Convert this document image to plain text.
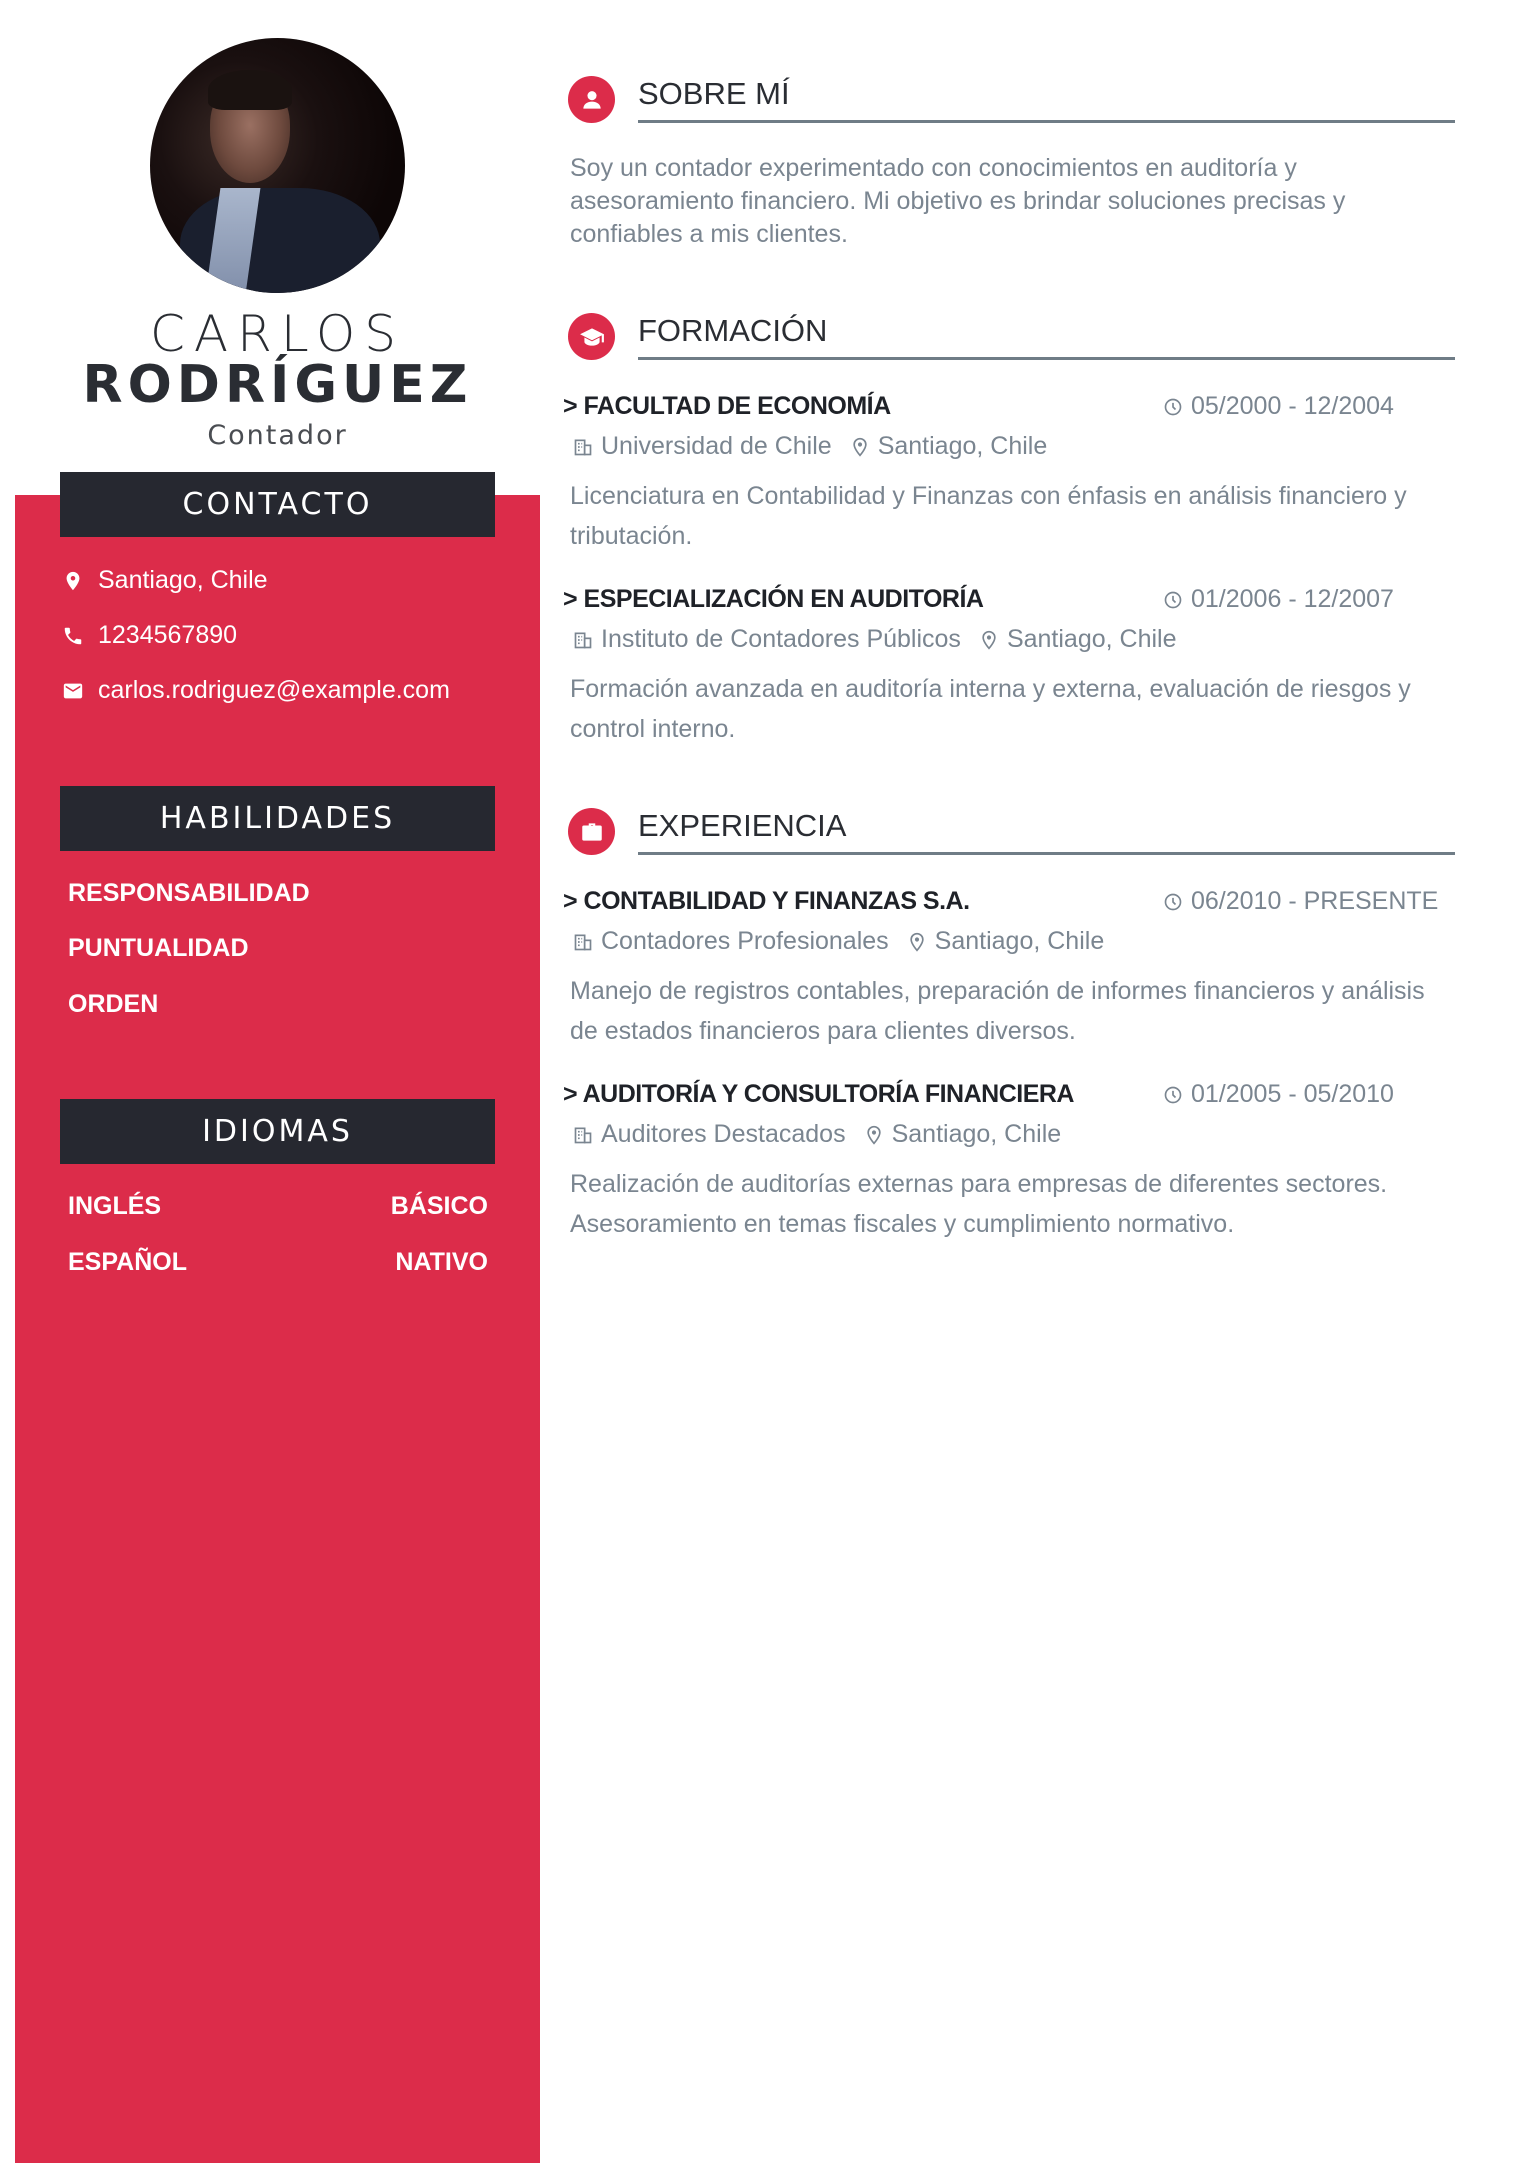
CARLOS
RODRÍGUEZ
Contador
CONTACTO
Santiago, Chile
1234567890
carlos.rodriguez@example.com
HABILIDADES
RESPONSABILIDAD
PUNTUALIDAD
ORDEN
IDIOMAS
INGLÉS	BÁSICO
ESPAÑOL	NATIVO
SOBRE MÍ
Soy un contador experimentado con conocimientos en auditoría y asesoramiento financiero. Mi objetivo es brindar soluciones precisas y confiables a mis clientes.
FORMACIÓN
> FACULTAD DE ECONOMÍA	05/2000 - 12/2004
Universidad de Chile Santiago, Chile
Licenciatura en Contabilidad y Finanzas con énfasis en análisis financiero y tributación.
> ESPECIALIZACIÓN EN AUDITORÍA	01/2006 - 12/2007
Instituto de Contadores Públicos Santiago, Chile
Formación avanzada en auditoría interna y externa, evaluación de riesgos y control interno.
EXPERIENCIA
> CONTABILIDAD Y FINANZAS S.A.	06/2010 - PRESENTE
Contadores Profesionales Santiago, Chile
Manejo de registros contables, preparación de informes financieros y análisis de estados financieros para clientes diversos.
> AUDITORÍA Y CONSULTORÍA FINANCIERA	01/2005 - 05/2010
Auditores Destacados Santiago, Chile
Realización de auditorías externas para empresas de diferentes sectores. Asesoramiento en temas fiscales y cumplimiento normativo.
